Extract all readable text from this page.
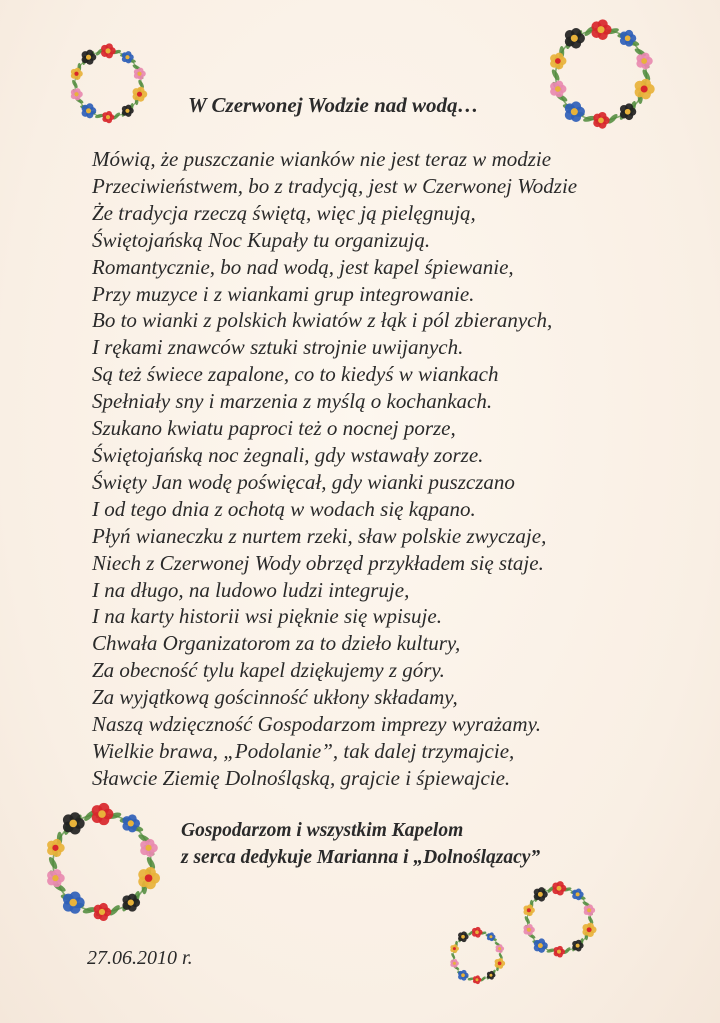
W Czerwonej Wodzie nad wodą…
Mówią, że puszczanie wianków nie jest teraz w modzie
Przeciwieństwem, bo z tradycją, jest w Czerwonej Wodzie
Że tradycja rzeczą świętą, więc ją pielęgnują,
Świętojańską Noc Kupały tu organizują.
Romantycznie, bo nad wodą, jest kapel śpiewanie,
Przy muzyce i z wiankami grup integrowanie.
Bo to wianki z polskich kwiatów z łąk i pól zbieranych,
I rękami znawców sztuki strojnie uwijanych.
Są też świece zapalone, co to kiedyś w wiankach
Spełniały sny i marzenia z myślą o kochankach.
Szukano kwiatu paproci też o nocnej porze,
Świętojańską noc żegnali, gdy wstawały zorze.
Święty Jan wodę poświęcał, gdy wianki puszczano
I od tego dnia z ochotą w wodach się kąpano.
Płyń wianeczku z nurtem rzeki, sław polskie zwyczaje,
Niech z Czerwonej Wody obrzęd przykładem się staje.
I na długo, na ludowo ludzi integruje,
I na karty historii wsi pięknie się wpisuje.
Chwała Organizatorom za to dzieło kultury,
Za obecność tylu kapel dziękujemy z góry.
Za wyjątkową gościnność ukłony składamy,
Naszą wdzięczność Gospodarzom imprezy wyrażamy.
Wielkie brawa, „Podolanie”, tak dalej trzymajcie,
Sławcie Ziemię Dolnośląską, grajcie i śpiewajcie.
Gospodarzom i wszystkim Kapelom
z serca dedykuje Marianna i „Dolnoślązacy”
27.06.2010 r.
